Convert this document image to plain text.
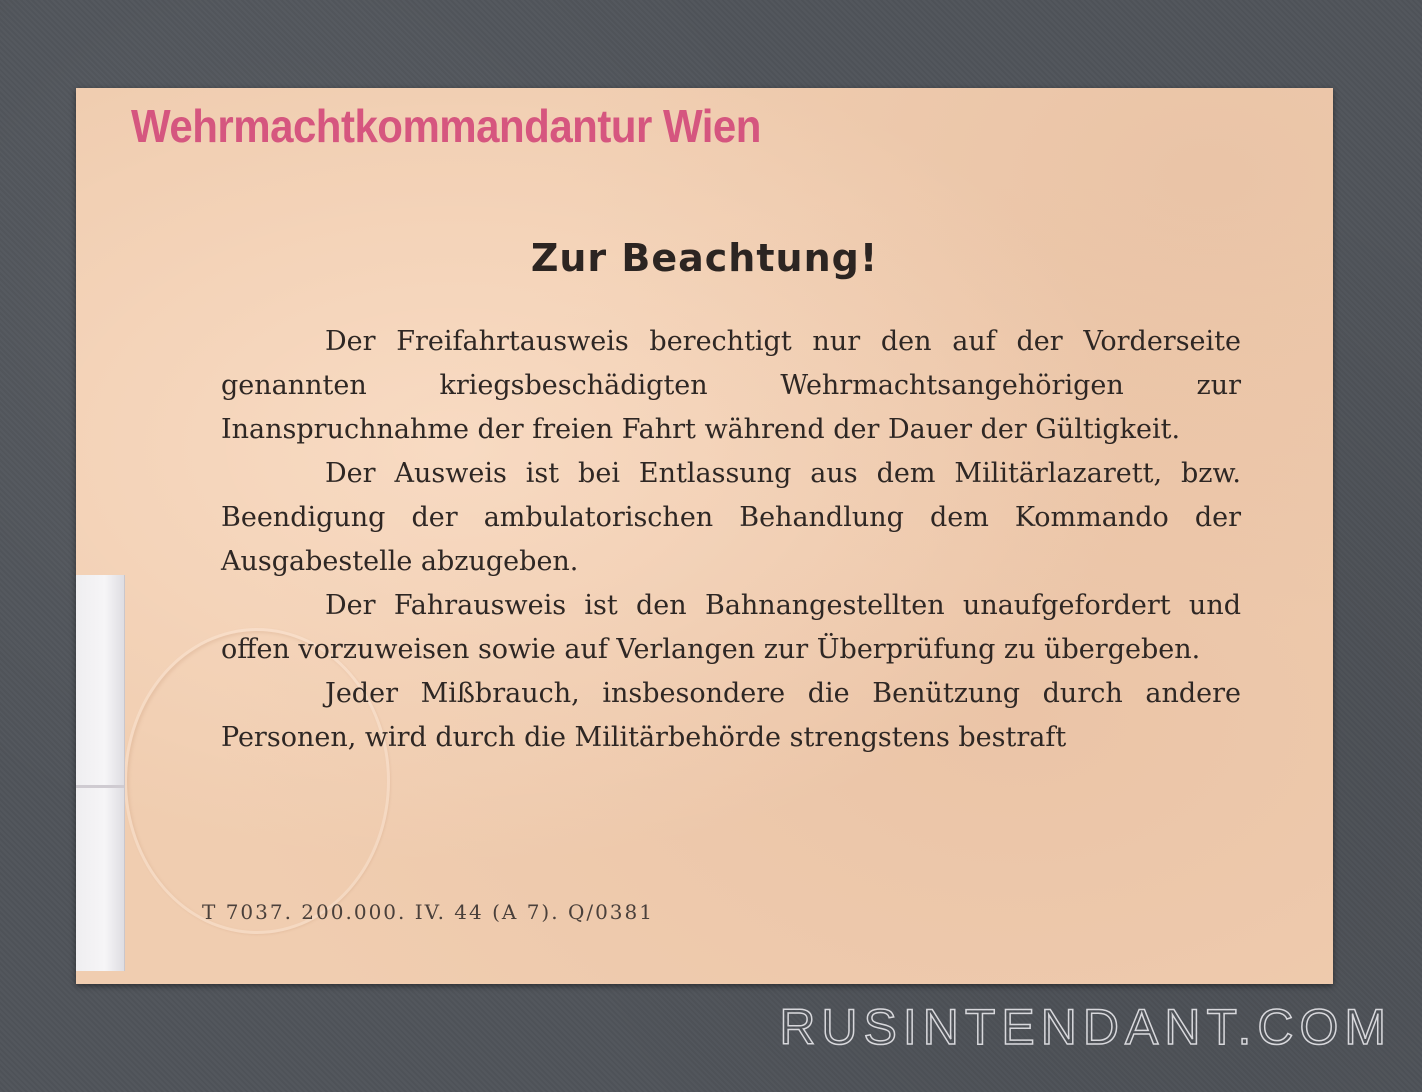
Wehrmachtkommandantur Wien
Zur Beachtung!

Der Freifahrtausweis berechtigt nur den auf der Vorderseite genannten kriegsbeschädigten Wehrmachtsangehörigen zur Inanspruchnahme der freien Fahrt während der Dauer der Gültigkeit.

Der Ausweis ist bei Entlassung aus dem Militärlazarett, bzw. Beendigung der ambulatorischen Behandlung dem Kommando der Ausgabestelle abzugeben.

Der Fahrausweis ist den Bahnangestellten unaufgefordert und offen vorzuweisen sowie auf Verlangen zur Überprüfung zu übergeben.

Jeder Mißbrauch, insbesondere die Benützung durch andere Personen, wird durch die Militärbehörde strengstens bestraft

T 7037. 200.000. IV. 44 (A 7). Q/0381
RUSINTENDANT.COM
